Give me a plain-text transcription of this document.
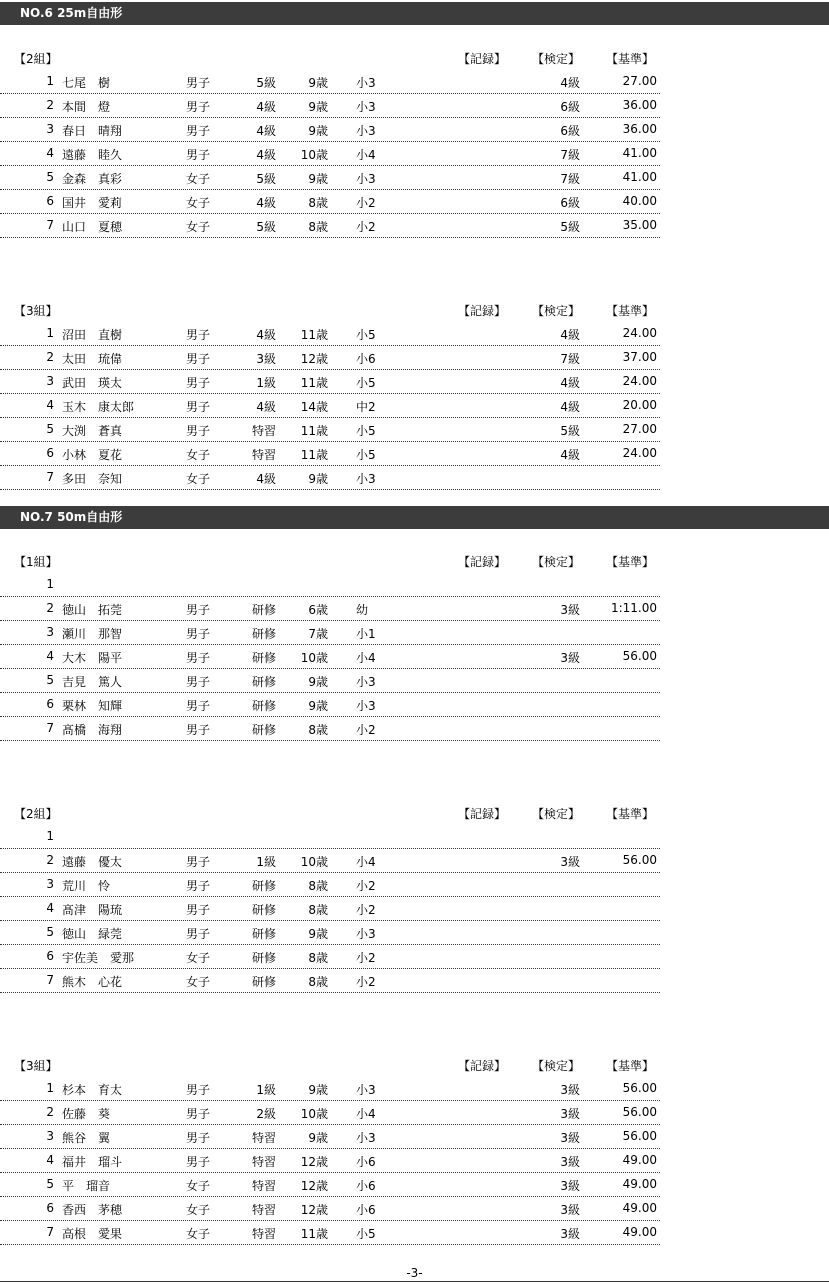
NO.6 25m自由形
【2組】	【記録】 【検定】 【基準】
1 七尾　樹	男子	5級	9歳 小3	4級	27.00
2 本間　燈	男子	4級	9歳 小3	6級	36.00
3 春日　晴翔	男子	4級	9歳 小3	6級	36.00
4 遠藤　睦久	男子	4級	10歳 小4	7級	41.00
5 金森　真彩	女子	5級	9歳 小3	7級	41.00
6 国井　愛莉	女子	4級	8歳 小2	6級	40.00
7 山口　夏穂	女子	5級	8歳 小2	5級	35.00
【3組】	【記録】 【検定】 【基準】
1 沼田　直樹	男子	4級	11歳 小5	4級	24.00
2 太田　琉偉	男子	3級	12歳 小6	7級	37.00
3 武田　瑛太	男子	1級	11歳 小5	4級	24.00
4 玉木　康太郎	男子	4級	14歳 中2	4級	20.00
5 大渕　蒼真	男子	特習	11歳 小5	5級	27.00
6 小林　夏花	女子	特習	11歳 小5	4級	24.00
7 多田　奈知	女子	4級	9歳 小3
NO.7 50m自由形
【1組】	【記録】 【検定】 【基準】
1
2 徳山　拓莞	男子	研修	6歳 幼	3級	1:11.00
3 瀬川　那智	男子	研修	7歳 小1
4 大木　陽平	男子	研修	10歳 小4	3級	56.00
5 吉見　篤人	男子	研修	9歳 小3
6 栗林　知輝	男子	研修	9歳 小3
7 髙橋　海翔	男子	研修	8歳 小2
【2組】	【記録】 【検定】 【基準】
1
2 遠藤　優太	男子	1級	10歳 小4	3級	56.00
3 荒川　怜	男子	研修	8歳 小2
4 髙津　陽琉	男子	研修	8歳 小2
5 徳山　緑莞	男子	研修	9歳 小3
6 宇佐美　愛那	女子	研修	8歳 小2
7 熊木　心花	女子	研修	8歳 小2
【3組】	【記録】 【検定】 【基準】
1 杉本　育太	男子	1級	9歳 小3	3級	56.00
2 佐藤　葵	男子	2級	10歳 小4	3級	56.00
3 熊谷　翼	男子	特習	9歳 小3	3級	56.00
4 福井　瑠斗	男子	特習	12歳 小6	3級	49.00
5 平　瑠音	女子	特習	12歳 小6	3級	49.00
6 香西　茅穂	女子	特習	12歳 小6	3級	49.00
7 高根　愛果	女子	特習	11歳 小5	3級	49.00
-3-
